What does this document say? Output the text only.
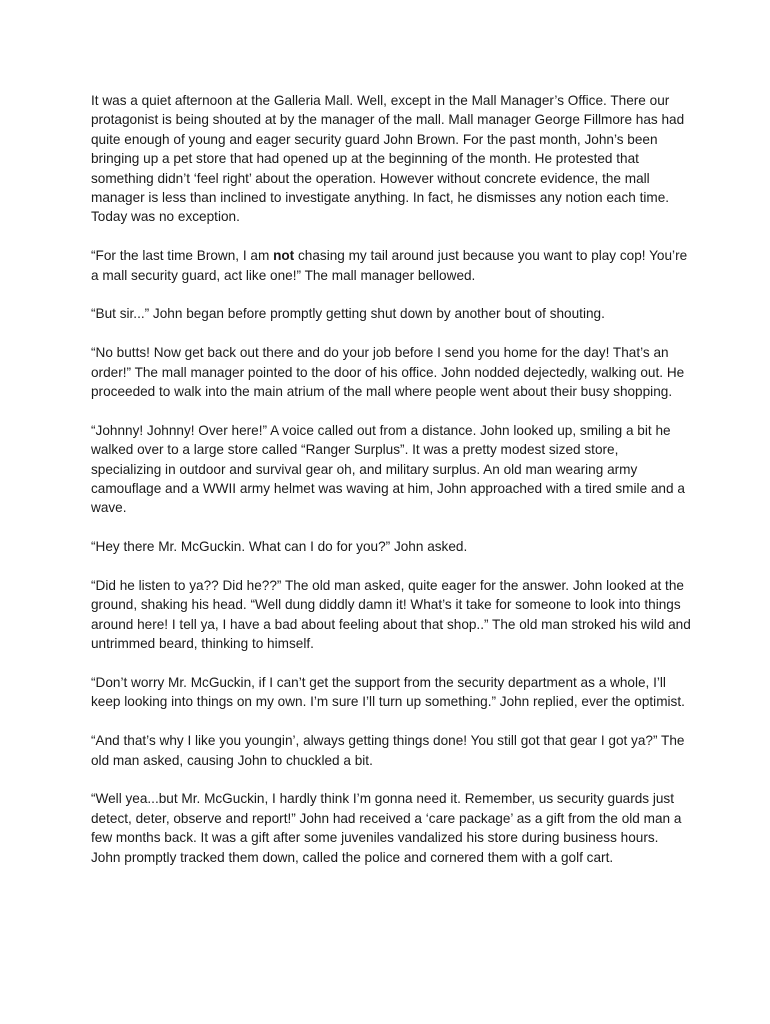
It was a quiet afternoon at the Galleria Mall. Well, except in the Mall Manager’s Office. There our protagonist is being shouted at by the manager of the mall. Mall manager George Fillmore has had quite enough of young and eager security guard John Brown. For the past month, John’s been bringing up a pet store that had opened up at the beginning of the month. He protested that something didn’t ‘feel right’ about the operation. However without concrete evidence, the mall manager is less than inclined to investigate anything. In fact, he dismisses any notion each time. Today was no exception.

“For the last time Brown, I am not chasing my tail around just because you want to play cop! You’re a mall security guard, act like one!” The mall manager bellowed.

“But sir...” John began before promptly getting shut down by another bout of shouting.

“No butts! Now get back out there and do your job before I send you home for the day! That’s an order!” The mall manager pointed to the door of his office. John nodded dejectedly, walking out. He proceeded to walk into the main atrium of the mall where people went about their busy shopping.

“Johnny! Johnny! Over here!” A voice called out from a distance. John looked up, smiling a bit he walked over to a large store called “Ranger Surplus”. It was a pretty modest sized store, specializing in outdoor and survival gear oh, and military surplus. An old man wearing army camouflage and a WWII army helmet was waving at him, John approached with a tired smile and a wave.

“Hey there Mr. McGuckin. What can I do for you?” John asked.

“Did he listen to ya?? Did he??” The old man asked, quite eager for the answer. John looked at the ground, shaking his head. “Well dung diddly damn it! What’s it take for someone to look into things around here! I tell ya, I have a bad about feeling about that shop..” The old man stroked his wild and untrimmed beard, thinking to himself.

“Don’t worry Mr. McGuckin, if I can’t get the support from the security department as a whole, I’ll keep looking into things on my own. I’m sure I’ll turn up something.” John replied, ever the optimist.

“And that’s why I like you youngin’, always getting things done! You still got that gear I got ya?” The old man asked, causing John to chuckled a bit.

“Well yea...but Mr. McGuckin, I hardly think I’m gonna need it. Remember, us security guards just detect, deter, observe and report!” John had received a ‘care package’ as a gift from the old man a few months back. It was a gift after some juveniles vandalized his store during business hours. John promptly tracked them down, called the police and cornered them with a golf cart.
